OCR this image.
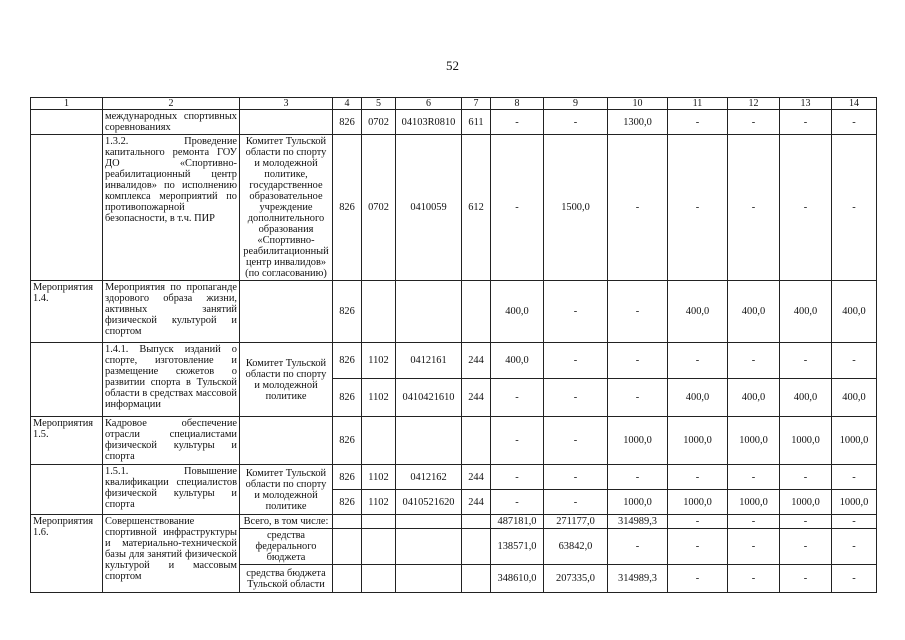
52
1	2	3	4	5	6	7	8	9	10	11	12	13	14
	международных спортивных соревнованиях		826	0702	04103R0810	611	-	-	1300,0	-	-	-	-
	1.3.2. Проведение капитального ремонта ГОУ ДО «Спортивно-реабилитационный центр инвалидов» по исполнению комплекса мероприятий по противопожарной безопасности, в т.ч. ПИР	Комитет Тульской области по спорту и молодежной политике, государственное образовательное учреждение дополнительного образования «Спортивно-реабилитационный центр инвалидов» (по согласованию)	826	0702	0410059	612	-	1500,0	-	-	-	-	-
Мероприятия 1.4.	Мероприятия по пропаганде здорового образа жизни, активных занятий физической культурой и спортом		826				400,0	-	-	400,0	400,0	400,0	400,0
	1.4.1. Выпуск изданий о спорте, изготовление и размещение сюжетов о развитии спорта в Тульской области в средствах массовой информации	Комитет Тульской области по спорту и молодежной политике	826	1102	0412161	244	400,0	-	-	-	-	-	-
			826	1102	0410421610	244	-	-	-	400,0	400,0	400,0	400,0
Мероприятия 1.5.	Кадровое обеспечение отрасли специалистами физической культуры и спорта		826				-	-	1000,0	1000,0	1000,0	1000,0	1000,0
	1.5.1. Повышение квалификации специалистов физической культуры и спорта	Комитет Тульской области по спорту и молодежной политике	826	1102	0412162	244	-	-	-	-	-	-	-
			826	1102	0410521620	244	-	-	1000,0	1000,0	1000,0	1000,0	1000,0
Мероприятия 1.6.	Совершенствование спортивной инфраструктуры и материально-технической базы для занятий физической культурой и массовым спортом	Всего, в том числе:					487181,0	271177,0	314989,3	-	-	-	-
		средства федерального бюджета					138571,0	63842,0	-	-	-	-	-
		средства бюджета Тульской области					348610,0	207335,0	314989,3	-	-	-	-
